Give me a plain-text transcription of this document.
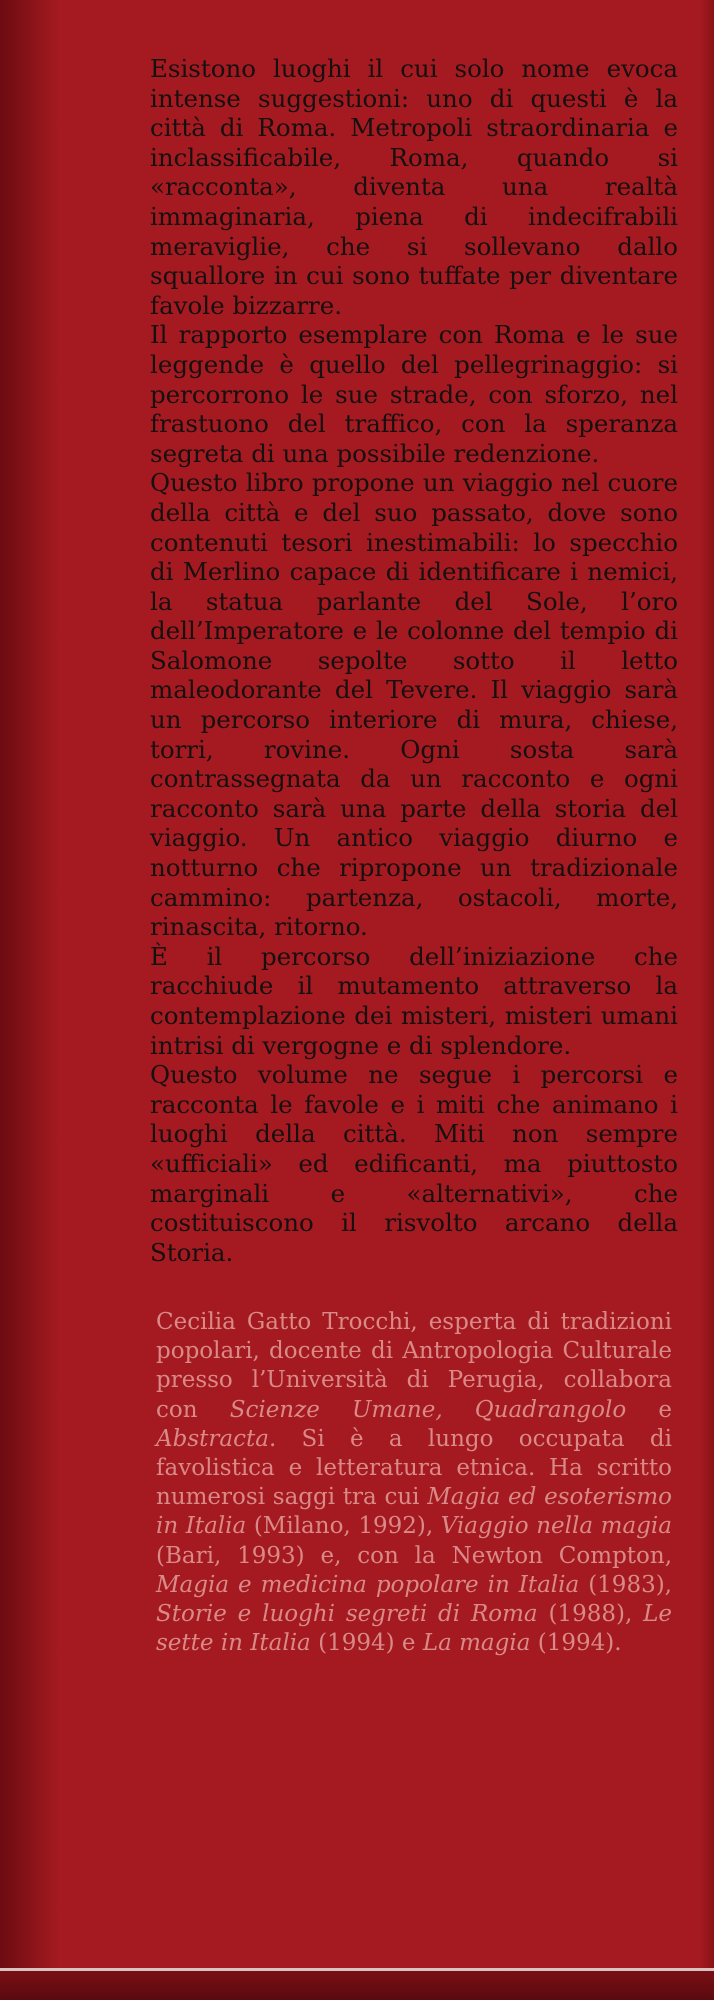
Esistono luoghi il cui solo nome evoca intense suggestioni: uno di questi è la città di Roma. Metropoli straordinaria e inclassificabile, Roma, quando si «racconta», diventa una realtà immaginaria, piena di indecifrabili meraviglie, che si sollevano dallo squallore in cui sono tuffate per diventare favole bizzarre.

Il rapporto esemplare con Roma e le sue leggende è quello del pellegrinaggio: si percorrono le sue strade, con sforzo, nel frastuono del traffico, con la speranza segreta di una possibile redenzione.

Questo libro propone un viaggio nel cuore della città e del suo passato, dove sono contenuti tesori inestimabili: lo specchio di Merlino capace di identificare i nemici, la statua parlante del Sole, l’oro dell’Imperatore e le colonne del tempio di Salomone sepolte sotto il letto maleodorante del Tevere. Il viaggio sarà un percorso interiore di mura, chiese, torri, rovine. Ogni sosta sarà contrassegnata da un racconto e ogni racconto sarà una parte della storia del viaggio. Un antico viaggio diurno e notturno che ripropone un tradizionale cammino: partenza, ostacoli, morte, rinascita, ritorno.

È il percorso dell’iniziazione che racchiude il mutamento attraverso la contemplazione dei misteri, misteri umani intrisi di vergogne e di splendore.

Questo volume ne segue i percorsi e racconta le favole e i miti che animano i luoghi della città. Miti non sempre «ufficiali» ed edificanti, ma piuttosto marginali e «alternativi», che costituiscono il risvolto arcano della Storia.

Cecilia Gatto Trocchi, esperta di tradizioni popolari, docente di Antropologia Culturale presso l’Università di Perugia, collabora con Scienze Umane, Quadrangolo e Abstracta. Si è a lungo occupata di favolistica e letteratura etnica. Ha scritto numerosi saggi tra cui Magia ed esoterismo in Italia (Milano, 1992), Viaggio nella magia (Bari, 1993) e, con la Newton Compton, Magia e medicina popolare in Italia (1983), Storie e luoghi segreti di Roma (1988), Le sette in Italia (1994) e La magia (1994).
